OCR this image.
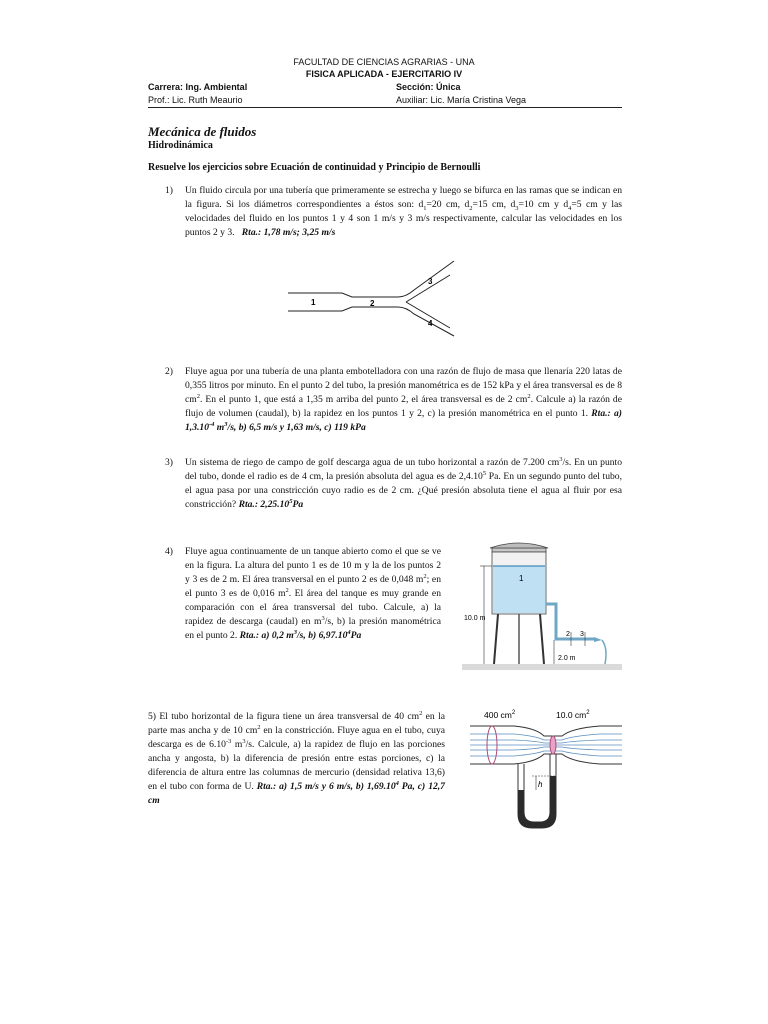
FACULTAD DE CIENCIAS AGRARIAS - UNA
FISICA APLICADA - EJERCITARIO IV
Carrera: Ing. Ambiental	Sección: Única
Prof.: Lic. Ruth Meaurio	Auxiliar: Lic. María Cristina Vega
Mecánica de fluidos
Hidrodinámica
Resuelve los ejercicios sobre Ecuación de continuidad y Principio de Bernoulli
1) Un fluido circula por una tubería que primeramente se estrecha y luego se bifurca en las ramas que se indican en la figura. Si los diámetros correspondientes a éstos son: $d_1=20$ cm, $d_2=15$ cm, $d_3=10$ cm y $d_4=5$ cm y las velocidades del fluido en los puntos 1 y 4 son 1 m/s y 3 m/s respectivamente, calcular las velocidades en los puntos 2 y 3. Rta.: 1,78 m/s; 3,25 m/s
1	2
3
4
2) Fluye agua por una tubería de una planta embotelladora con una razón de flujo de masa que llenaría 220 latas de 0,355 litros por minuto. En el punto 2 del tubo, la presión manométrica es de 152 kPa y el área transversal es de 8 $cm^2$. En el punto 1, que está a 1,35 m arriba del punto 2, el área transversal es de 2 $cm^2$. Calcule a) la razón de flujo de volumen (caudal), b) la rapidez en los puntos 1 y 2, c) la presión manométrica en el punto 1. Rta.: a) $1,3.10^{-4}$ $m^3/s$, b) 6,5 m/s y 1,63 m/s, c) 119 kPa
3) Un sistema de riego de campo de golf descarga agua de un tubo horizontal a razón de 7.200 $cm^3/s$. En un punto del tubo, donde el radio es de 4 cm, la presión absoluta del agua es de 2,4.10$^5$ Pa. En un segundo punto del tubo, el agua pasa por una constricción cuyo radio es de 2 cm. ¿Qué presión absoluta tiene el agua al fluir por esa constricción? Rta.: 2,25.10$^5$Pa
4) Fluye agua continuamente de un tanque abierto como el que se ve en la figura. La altura del punto 1 es de 10 m y la de los puntos 2 y 3 es de 2 m. El área transversal en el punto 2 es de 0,048 $m^2$; en el punto 3 es de 0,016 $m^2$. El área del tanque es muy grande en comparación con el área transversal del tubo. Calcule, a) la rapidez de descarga (caudal) en $m^3/s$, b) la presión manométrica en el punto 2. Rta.: a) 0,2 $m^3/s$, b) 6,97.10$^4$Pa
1
2 3
10.0 m
2.0 m
5) El tubo horizontal de la figura tiene un área transversal de 40 $cm^2$ en la parte mas ancha y de 10 $cm^2$ en la constricción. Fluye agua en el tubo, cuya descarga es de $6.10^{-3}$ $m^3/s$. Calcule, a) la rapidez de flujo en las porciones ancha y angosta, b) la diferencia de presión entre estas porciones, c) la diferencia de altura entre las columnas de mercurio (densidad relativa 13,6) en el tubo con forma de U. Rta.: a) 1,5 m/s y 6 m/s, b) 1,69.10$^4$ Pa, c) 12,7 cm
400 $cm^2$	10.0 $cm^2$
h
